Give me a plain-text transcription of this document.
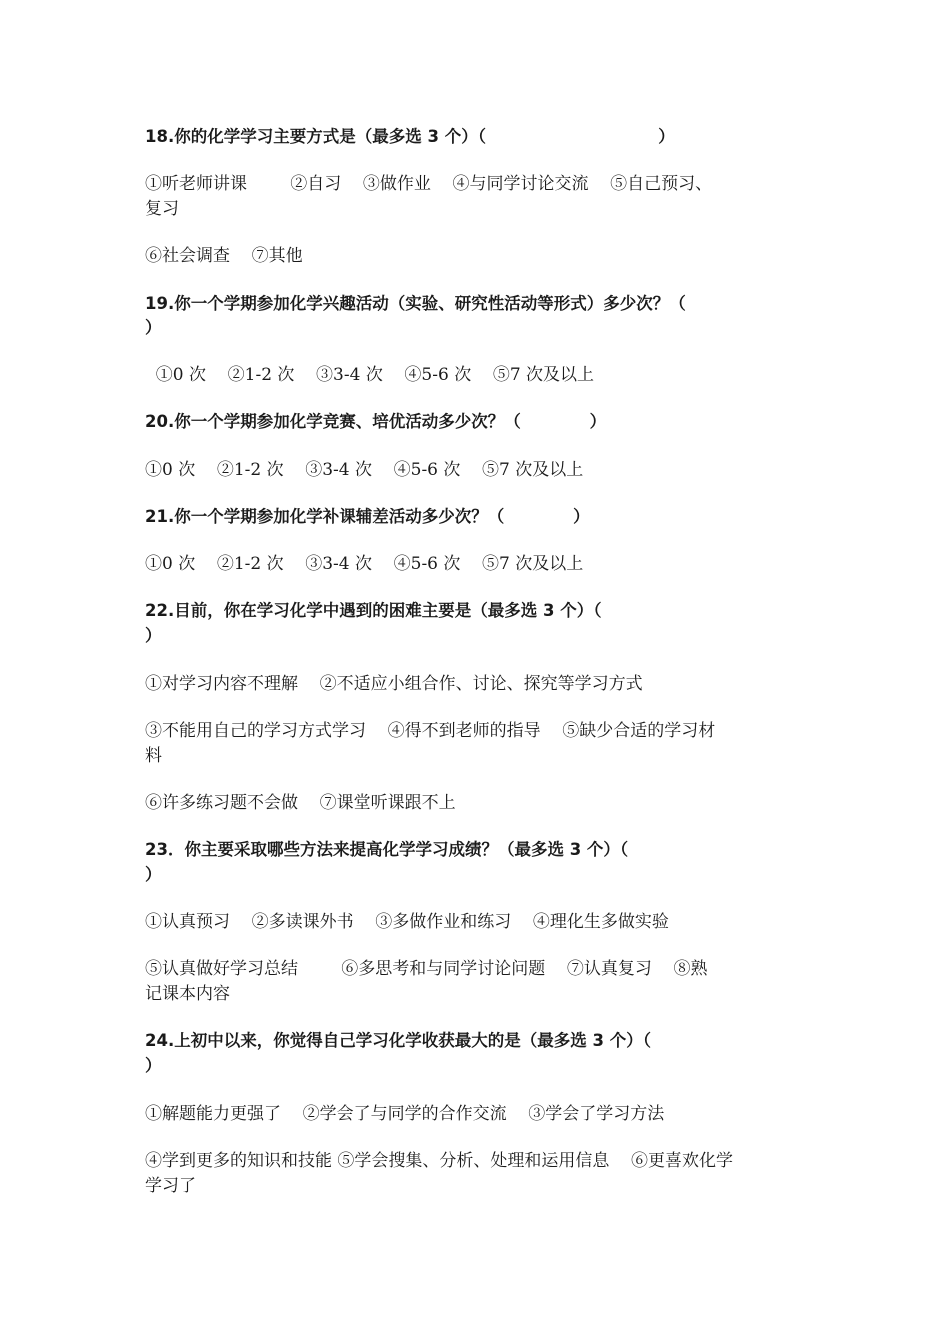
18.你的化学学习主要方式是（最多选 3 个）（                              ）
①听老师讲课        ②自习    ③做作业    ④与同学讨论交流    ⑤自己预习、
复习
⑥社会调查    ⑦其他
19.你一个学期参加化学兴趣活动（实验、研究性活动等形式）多少次？（
）
①0 次    ②1-2 次    ③3-4 次    ④5-6 次    ⑤7 次及以上
20.你一个学期参加化学竞赛、培优活动多少次？（            ）
①0 次    ②1-2 次    ③3-4 次    ④5-6 次    ⑤7 次及以上
21.你一个学期参加化学补课辅差活动多少次？（            ）
①0 次    ②1-2 次    ③3-4 次    ④5-6 次    ⑤7 次及以上
22.目前，你在学习化学中遇到的困难主要是（最多选 3 个）（
）
①对学习内容不理解    ②不适应小组合作、讨论、探究等学习方式
③不能用自己的学习方式学习    ④得不到老师的指导    ⑤缺少合适的学习材
料
⑥许多练习题不会做    ⑦课堂听课跟不上
23．你主要采取哪些方法来提高化学学习成绩？（最多选 3 个）（
）
①认真预习    ②多读课外书    ③多做作业和练习    ④理化生多做实验
⑤认真做好学习总结        ⑥多思考和与同学讨论问题    ⑦认真复习    ⑧熟
记课本内容
24.上初中以来，你觉得自己学习化学收获最大的是（最多选 3 个）（
）
①解题能力更强了    ②学会了与同学的合作交流    ③学会了学习方法
④学到更多的知识和技能 ⑤学会搜集、分析、处理和运用信息    ⑥更喜欢化学
学习了
